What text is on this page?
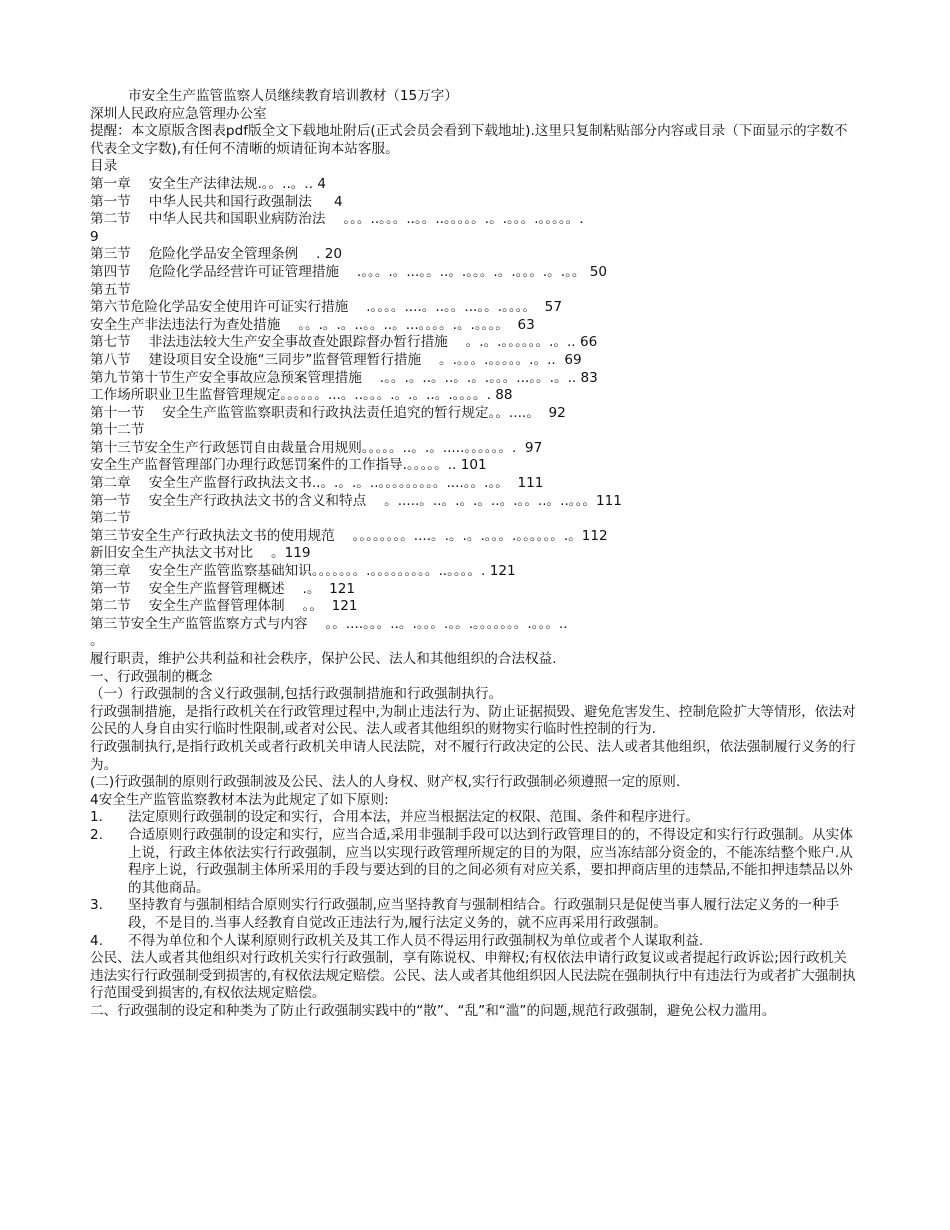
市安全生产监管监察人员继续教育培训教材（15万字）
深圳人民政府应急管理办公室
提醒：本文原版含图表pdf版全文下载地址附后(正式会员会看到下载地址).这里只复制粘贴部分内容或目录（下面显示的字数不代表全文字数),有任何不清晰的烦请征询本站客服。
目录
第一章　 安全生产法律法规.。。..。.. 4
第一节　 中华人民共和国行政强制法　  4
第二节　 中华人民共和国职业病防治法　 。。。..。。。..。。..。。。。。.。.。。。.。。。。。.
9
第三节　 危险化学品安全管理条例　 . 20
第四节　 危险化学品经营许可证管理措施　 .。。。.。...。。..。.。。。.。.。。。.。.。。 50
第五节
第六节危险化学品安全使用许可证实行措施　 .。。。。....。..。。...。。.。。。。  57
安全生产非法违法行为查处措施　 。。.。.。..。。..。...。。。。.。.。。。。  63
第七节　 非法违法较大生产安全事故查处跟踪督办暂行措施　 。.。.。。。。。。.。.. 66
第八节　 建设项目安全设施“三同步”监督管理暂行措施　 。.。。。.。。。。。.。..  69
第九节第十节生产安全事故应急预案管理措施　 .。。.。..。..。.。.。。。...。。.。.. 83
工作场所职业卫生监督管理规定。。。。。。...。..。。。.。.。..。.。。。。. 88
第十一节　 安全生产监管监察职责和行政执法责任追究的暂行规定。。....。  92
第十二节
第十三节安全生产行政惩罚自由裁量合用规则。。。。。..。.。.....。。。。。。.  97
安全生产监督管理部门办理行政惩罚案件的工作指导.。。。。。.. 101
第二章　 安全生产监督行政执法文书..。.。.。..。。。。。。。。。....。。.。。  111
第一节　 安全生产行政执法文书的含义和特点　 。.....。..。.。.。..。.。。..。..。。。111
第二节
第三节安全生产行政执法文书的使用规范　 。。。。。。。。....。.。.。.。。。.。。。。。。.。112
新旧安全生产执法文书对比　 。119
第三章　 安全生产监管监察基础知识。。。。。。。.。。。。。。。。。..。。。。. 121
第一节　 安全生产监督管理概述　 .。  121
第二节　 安全生产监督管理体制　 。。  121
第三节安全生产监管监察方式与内容　 。。....。。。..。.。。。.。。.。。。。。。。.。。。..
。
履行职责，维护公共利益和社会秩序，保护公民、法人和其他组织的合法权益.
一、行政强制的概念
（一）行政强制的含义行政强制,包括行政强制措施和行政强制执行。
行政强制措施，是指行政机关在行政管理过程中,为制止违法行为、防止证据损毁、避免危害发生、控制危险扩大等情形，依法对公民的人身自由实行临时性限制,或者对公民、法人或者其他组织的财物实行临时性控制的行为.
行政强制执行,是指行政机关或者行政机关申请人民法院，对不履行行政决定的公民、法人或者其他组织，依法强制履行义务的行为。
(二)行政强制的原则行政强制波及公民、法人的人身权、财产权,实行行政强制必须遵照一定的原则.
4安全生产监管监察教材本法为此规定了如下原则:
1.	法定原则行政强制的设定和实行，合用本法，并应当根据法定的权限、范围、条件和程序进行。
2.	合适原则行政强制的设定和实行，应当合适,采用非强制手段可以达到行政管理目的的，不得设定和实行行政强制。从实体上说，行政主体依法实行行政强制，应当以实现行政管理所规定的目的为限，应当冻结部分资金的，不能冻结整个账户.从程序上说，行政强制主体所采用的手段与要达到的目的之间必须有对应关系，要扣押商店里的违禁品,不能扣押违禁品以外的其他商品。
3.	坚持教育与强制相结合原则实行行政强制,应当坚持教育与强制相结合。行政强制只是促使当事人履行法定义务的一种手段，不是目的.当事人经教育自觉改正违法行为,履行法定义务的，就不应再采用行政强制。
4.	不得为单位和个人谋利原则行政机关及其工作人员不得运用行政强制权为单位或者个人谋取利益.
公民、法人或者其他组织对行政机关实行行政强制，享有陈说权、申辩权;有权依法申请行政复议或者提起行政诉讼;因行政机关违法实行行政强制受到损害的,有权依法规定赔偿。公民、法人或者其他组织因人民法院在强制执行中有违法行为或者扩大强制执行范围受到损害的,有权依法规定赔偿。
二、行政强制的设定和种类为了防止行政强制实践中的“散”、“乱”和“滥”的问题,规范行政强制，避免公权力滥用。
